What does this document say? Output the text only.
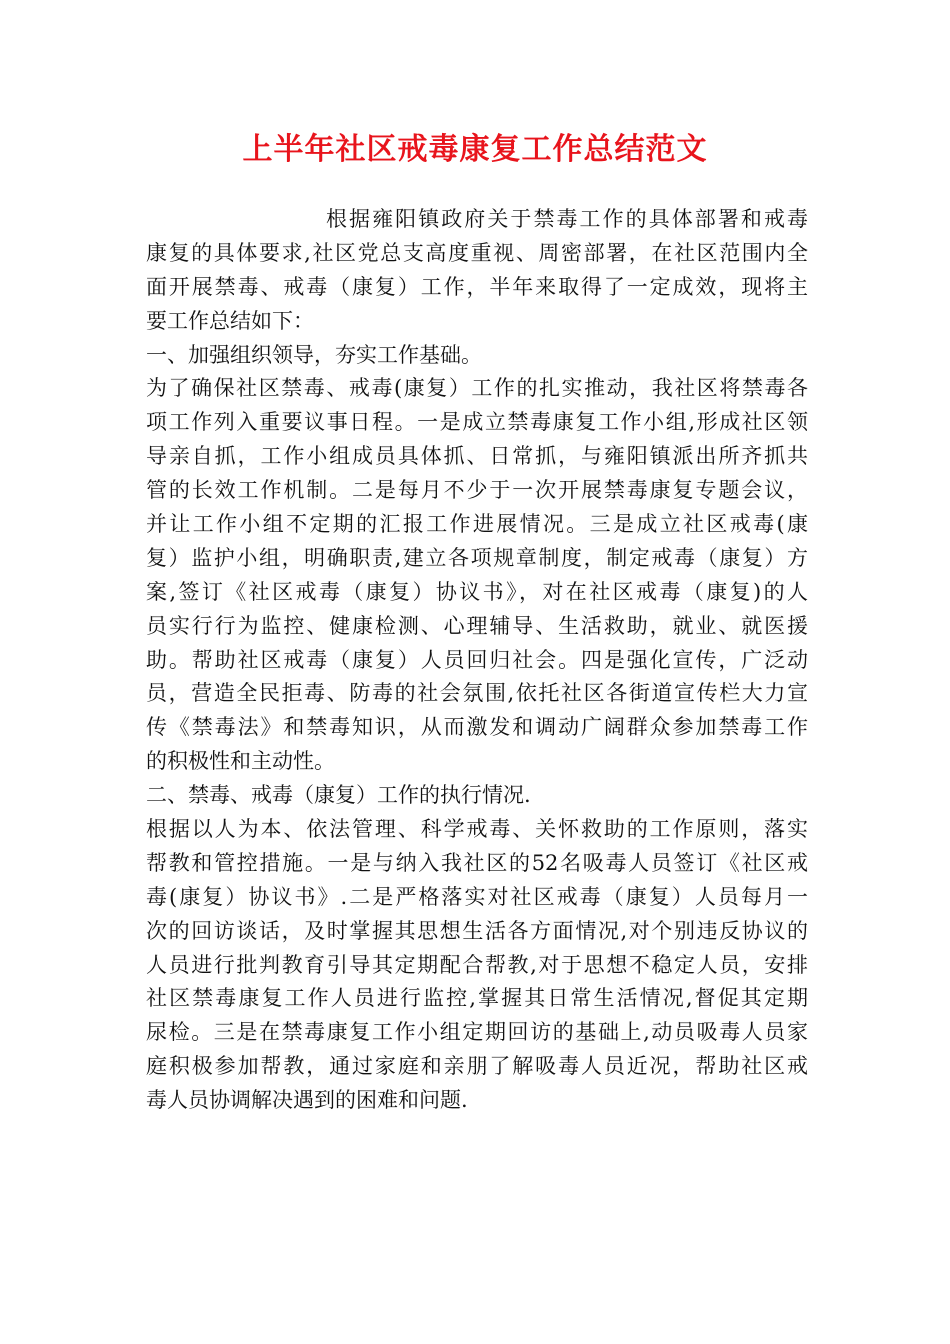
上半年社区戒毒康复工作总结范文
根据雍阳镇政府关于禁毒工作的具体部署和戒毒
康复的具体要求,社区党总支高度重视、周密部署，在社区范围内全
面开展禁毒、戒毒（康复）工作，半年来取得了一定成效，现将主
要工作总结如下：
一、加强组织领导，夯实工作基础。
为了确保社区禁毒、戒毒(康复）工作的扎实推动，我社区将禁毒各
项工作列入重要议事日程。一是成立禁毒康复工作小组,形成社区领
导亲自抓，工作小组成员具体抓、日常抓，与雍阳镇派出所齐抓共
管的长效工作机制。二是每月不少于一次开展禁毒康复专题会议，
并让工作小组不定期的汇报工作进展情况。三是成立社区戒毒(康
复）监护小组，明确职责,建立各项规章制度，制定戒毒（康复）方
案,签订《社区戒毒（康复）协议书》，对在社区戒毒（康复)的人
员实行行为监控、健康检测、心理辅导、生活救助，就业、就医援
助。帮助社区戒毒（康复）人员回归社会。四是强化宣传，广泛动
员，营造全民拒毒、防毒的社会氛围,依托社区各街道宣传栏大力宣
传《禁毒法》和禁毒知识，从而激发和调动广阔群众参加禁毒工作
的积极性和主动性。
二、禁毒、戒毒（康复）工作的执行情况.
根据以人为本、依法管理、科学戒毒、关怀救助的工作原则，落实
帮教和管控措施。一是与纳入我社区的52名吸毒人员签订《社区戒
毒(康复）协议书》.二是严格落实对社区戒毒（康复）人员每月一
次的回访谈话，及时掌握其思想生活各方面情况,对个别违反协议的
人员进行批判教育引导其定期配合帮教,对于思想不稳定人员，安排
社区禁毒康复工作人员进行监控,掌握其日常生活情况,督促其定期
尿检。三是在禁毒康复工作小组定期回访的基础上,动员吸毒人员家
庭积极参加帮教，通过家庭和亲朋了解吸毒人员近况，帮助社区戒
毒人员协调解决遇到的困难和问题.
